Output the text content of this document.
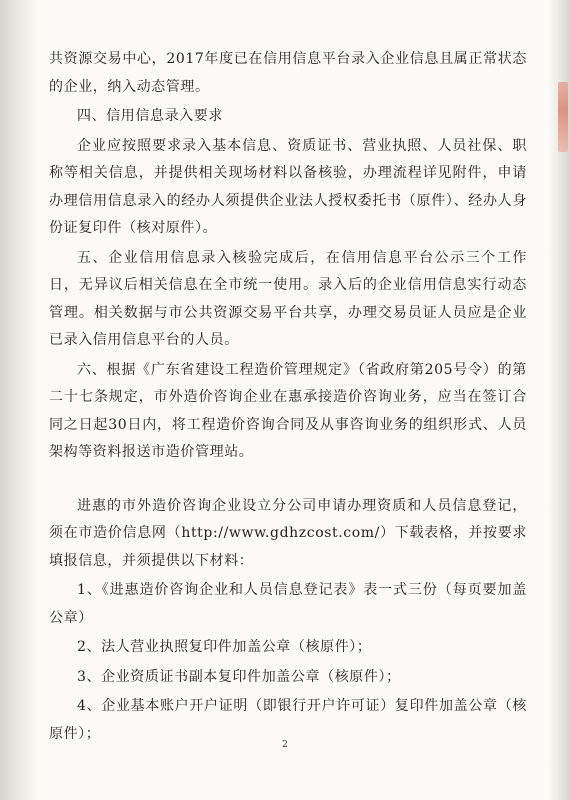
共资源交易中心，2017年度已在信用信息平台录入企业信息且属正常状态的企业，纳入动态管理。

四、信用信息录入要求

企业应按照要求录入基本信息、资质证书、营业执照、人员社保、职称等相关信息，并提供相关现场材料以备核验，办理流程详见附件，申请办理信用信息录入的经办人须提供企业法人授权委托书（原件）、经办人身份证复印件（核对原件）。

五、企业信用信息录入核验完成后，在信用信息平台公示三个工作日，无异议后相关信息在全市统一使用。录入后的企业信用信息实行动态管理。相关数据与市公共资源交易平台共享，办理交易员证人员应是企业已录入信用信息平台的人员。

六、根据《广东省建设工程造价管理规定》（省政府第205号令）的第二十七条规定，市外造价咨询企业在惠承接造价咨询业务，应当在签订合同之日起30日内，将工程造价咨询合同及从事咨询业务的组织形式、人员架构等资料报送市造价管理站。

进惠的市外造价咨询企业设立分公司申请办理资质和人员信息登记，须在市造价信息网（http://www.gdhzcost.com/）下载表格，并按要求填报信息，并须提供以下材料：

1、《进惠造价咨询企业和人员信息登记表》表一式三份（每页要加盖公章）

2、法人营业执照复印件加盖公章（核原件）；

3、企业资质证书副本复印件加盖公章（核原件）；

4、企业基本账户开户证明（即银行开户许可证）复印件加盖公章（核原件）；

2
